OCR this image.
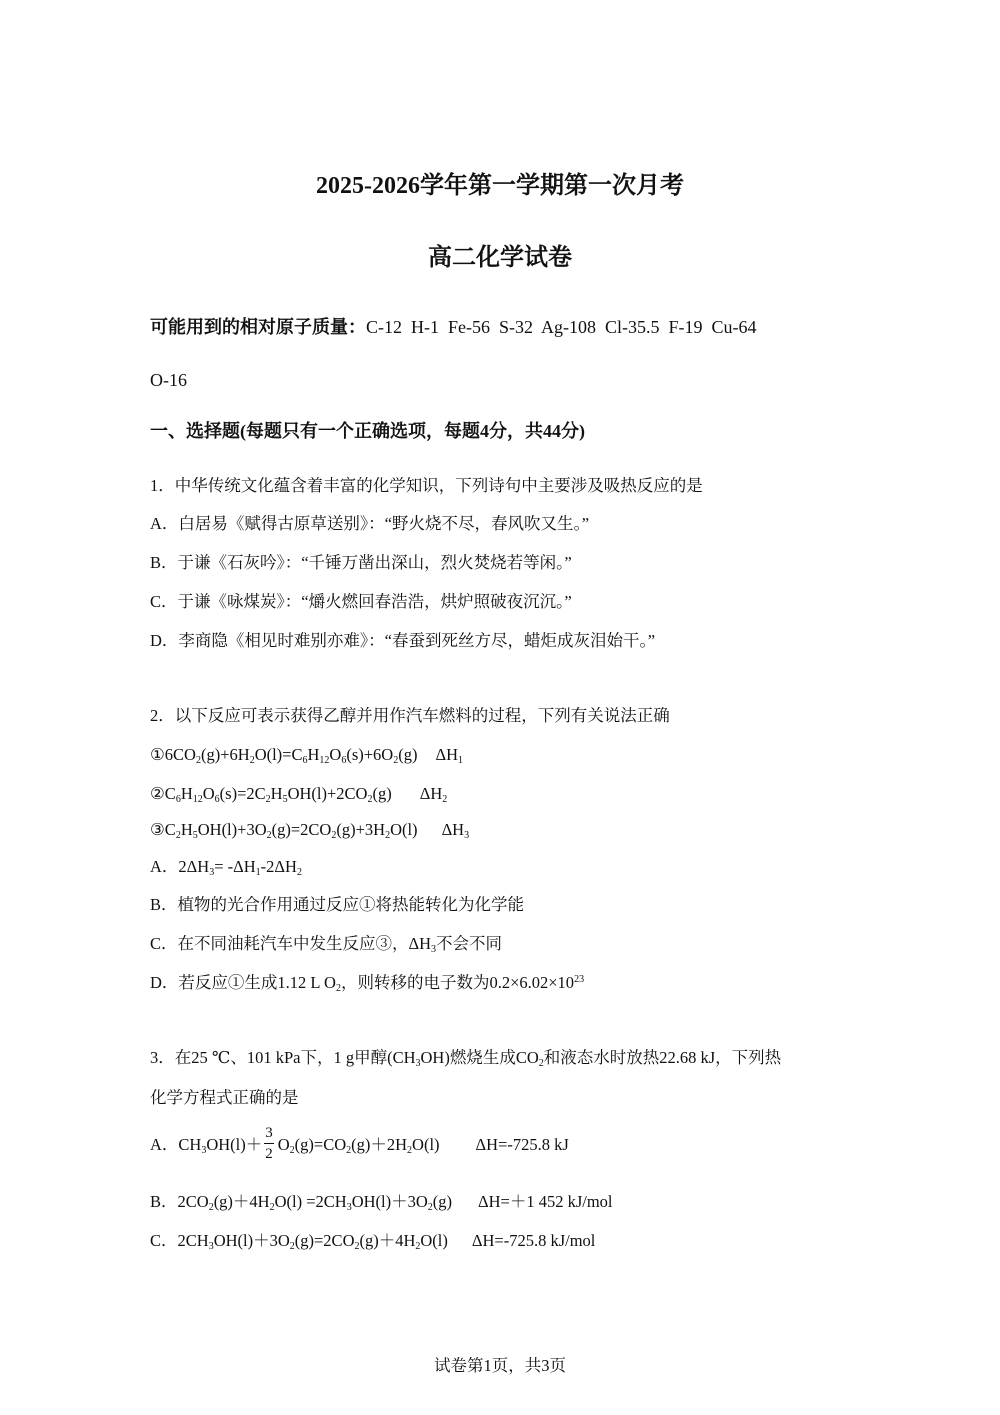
2025-2026学年第一学期第一次月考
高二化学试卷
可能用到的相对原子质量：C-12  H-1  Fe-56  S-32  Ag-108  Cl-35.5  F-19  Cu-64
O-16
一、选择题(每题只有一个正确选项，每题4分，共44分)
1．中华传统文化蕴含着丰富的化学知识，下列诗句中主要涉及吸热反应的是
A．白居易《赋得古原草送别》：“野火烧不尽，春风吹又生。”
B．于谦《石灰吟》：“千锤万凿出深山，烈火焚烧若等闲。”
C．于谦《咏煤炭》：“爝火燃回春浩浩，烘炉照破夜沉沉。”
D．李商隐《相见时难别亦难》：“春蚕到死丝方尽，蜡炬成灰泪始干。”
2．以下反应可表示获得乙醇并用作汽车燃料的过程，下列有关说法正确
$①6CO_2(g)+6H_2O(l)=C_6H_{12}O_6(s)+6O_2(g)$ $\Delta H_1$
$②C_6H_{12}O_6(s)=2C_2H_5OH(l)+2CO_2(g)$ $\Delta H_2$
$③C_2H_5OH(l)+3O_2(g)=2CO_2(g)+3H_2O(l)$ $\Delta H_3$
A．$2\Delta H_3= -\Delta H_1-2\Delta H_2$
B．植物的光合作用通过反应①将热能转化为化学能
C．在不同油耗汽车中发生反应③，$\Delta H_3$不会不同
D．若反应①生成1.12 L $O_2$，则转移的电子数为$0.2\times 6.02\times 10^{23}$
3．在25 ℃、101 kPa下，1 g甲醇$(CH_3OH)$燃烧生成$CO_2$和液态水时放热22.68 kJ，下列热
化学方程式正确的是
A．$CH_3OH(l)+ \frac{3}{2} O_2(g)=CO_2(g)+2H_2O(l)$ ΔH=-725.8 kJ
B．$2CO_2(g)+4H_2O(l) =2CH_3OH(l)+3O_2(g)$ ΔH=＋1 452 kJ/mol
C．$2CH_3OH(l)+3O_2(g)=2CO_2(g)+4H_2O(l)$ ΔH=-725.8 kJ/mol
试卷第1页，共3页
